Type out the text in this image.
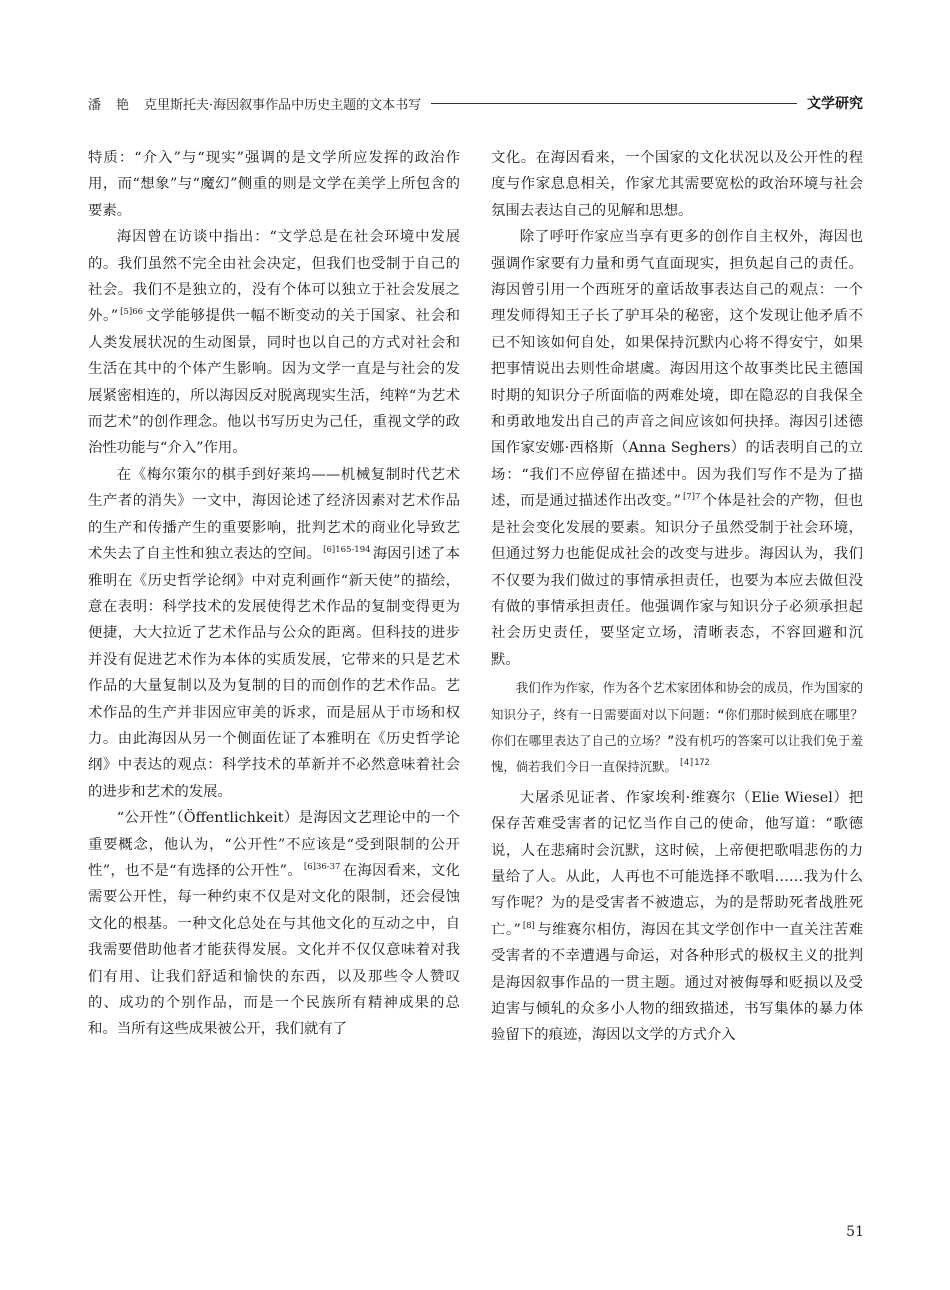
潘　艳 克里斯托夫·海因叙事作品中历史主题的文本书写	文学研究

特质：“介入”与“现实”强调的是文学所应发挥的政治作用，而“想象”与“魔幻”侧重的则是文学在美学上所包含的要素。

海因曾在访谈中指出：“文学总是在社会环境中发展的。我们虽然不完全由社会决定，但我们也受制于自己的社会。我们不是独立的，没有个体可以独立于社会发展之外。” $^{[5]66}$ 文学能够提供一幅不断变动的关于国家、社会和人类发展状况的生动图景，同时也以自己的方式对社会和生活在其中的个体产生影响。因为文学一直是与社会的发展紧密相连的，所以海因反对脱离现实生活，纯粹“为艺术而艺术”的创作理念。他以书写历史为己任，重视文学的政治性功能与“介入”作用。

在《梅尔策尔的棋手到好莱坞——机械复制时代艺术生产者的消失》一文中，海因论述了经济因素对艺术作品的生产和传播产生的重要影响，批判艺术的商业化导致艺术失去了自主性和独立表达的空间。 $^{[6]165-194}$ 海因引述了本雅明在《历史哲学论纲》中对克利画作“新天使”的描绘，意在表明：科学技术的发展使得艺术作品的复制变得更为便捷，大大拉近了艺术作品与公众的距离。但科技的进步并没有促进艺术作为本体的实质发展，它带来的只是艺术作品的大量复制以及为复制的目的而创作的艺术作品。艺术作品的生产并非因应审美的诉求，而是屈从于市场和权力。由此海因从另一个侧面佐证了本雅明在《历史哲学论纲》中表达的观点：科学技术的革新并不必然意味着社会的进步和艺术的发展。

“公开性”（Öffentlichkeit）是海因文艺理论中的一个重要概念，他认为，“公开性”不应该是“受到限制的公开性”，也不是“有选择的公开性”。 $^{[6]36-37}$ 在海因看来，文化需要公开性，每一种约束不仅是对文化的限制，还会侵蚀文化的根基。一种文化总处在与其他文化的互动之中，自我需要借助他者才能获得发展。文化并不仅仅意味着对我们有用、让我们舒适和愉快的东西，以及那些令人赞叹的、成功的个别作品，而是一个民族所有精神成果的总和。当所有这些成果被公开，我们就有了

文化。在海因看来，一个国家的文化状况以及公开性的程度与作家息息相关，作家尤其需要宽松的政治环境与社会氛围去表达自己的见解和思想。

除了呼吁作家应当享有更多的创作自主权外，海因也强调作家要有力量和勇气直面现实，担负起自己的责任。海因曾引用一个西班牙的童话故事表达自己的观点：一个理发师得知王子长了驴耳朵的秘密，这个发现让他矛盾不已不知该如何自处，如果保持沉默内心将不得安宁，如果把事情说出去则性命堪虞。海因用这个故事类比民主德国时期的知识分子所面临的两难处境，即在隐忍的自我保全和勇敢地发出自己的声音之间应该如何抉择。海因引述德国作家安娜·西格斯（Anna Seghers）的话表明自己的立场：“我们不应停留在描述中。因为我们写作不是为了描述，而是通过描述作出改变。” $^{[7]7}$ 个体是社会的产物，但也是社会变化发展的要素。知识分子虽然受制于社会环境，但通过努力也能促成社会的改变与进步。海因认为，我们不仅要为我们做过的事情承担责任，也要为本应去做但没有做的事情承担责任。他强调作家与知识分子必须承担起社会历史责任，要坚定立场，清晰表态，不容回避和沉默。

我们作为作家，作为各个艺术家团体和协会的成员，作为国家的知识分子，终有一日需要面对以下问题：“你们那时候到底在哪里？你们在哪里表达了自己的立场？”没有机巧的答案可以让我们免于羞愧，倘若我们今日一直保持沉默。 $^{[4]172}$

大屠杀见证者、作家埃利·维赛尔（Elie Wiesel）把保存苦难受害者的记忆当作自己的使命，他写道：“歌德说，人在悲痛时会沉默，这时候，上帝便把歌唱悲伤的力量给了人。从此，人再也不可能选择不歌唱……我为什么写作呢？为的是受害者不被遗忘，为的是帮助死者战胜死亡。” [8] 与维赛尔相仿，海因在其文学创作中一直关注苦难受害者的不幸遭遇与命运，对各种形式的极权主义的批判是海因叙事作品的一贯主题。通过对被侮辱和贬损以及受迫害与倾轧的众多小人物的细致描述，书写集体的暴力体验留下的痕迹，海因以文学的方式介入

51
